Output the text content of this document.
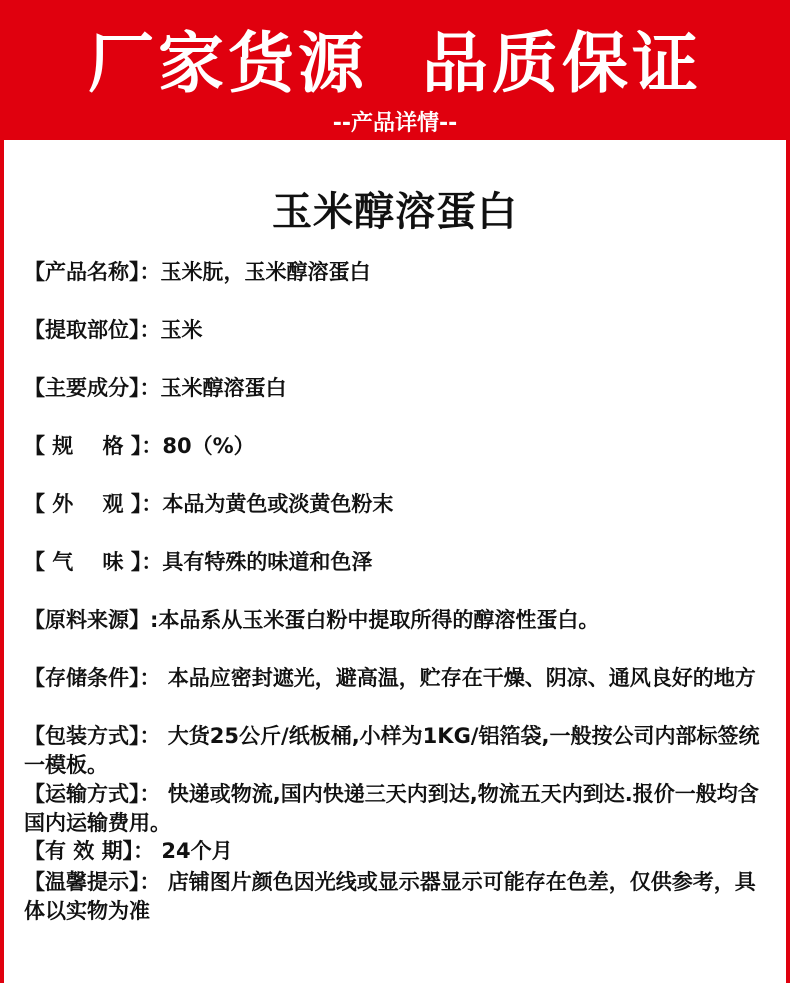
厂家货源  品质保证
--产品详情--
玉米醇溶蛋白
【产品名称】：玉米朊，玉米醇溶蛋白
【提取部位】：玉米
【主要成分】：玉米醇溶蛋白
【 规    格 】：80（%）
【 外    观 】：本品为黄色或淡黄色粉末
【 气    味 】：具有特殊的味道和色泽
【原料来源】:本品系从玉米蛋白粉中提取所得的醇溶性蛋白。
【存储条件】： 本品应密封遮光，避高温，贮存在干燥、阴凉、通风良好的地方
【包装方式】： 大货25公斤/纸板桶,小样为1KG/铝箔袋,一般按公司内部标签统一模板。
【运输方式】： 快递或物流,国内快递三天内到达,物流五天内到达.报价一般均含国内运输费用。
【有 效 期】： 24个月
【温馨提示】： 店铺图片颜色因光线或显示器显示可能存在色差，仅供参考，具体以实物为准
